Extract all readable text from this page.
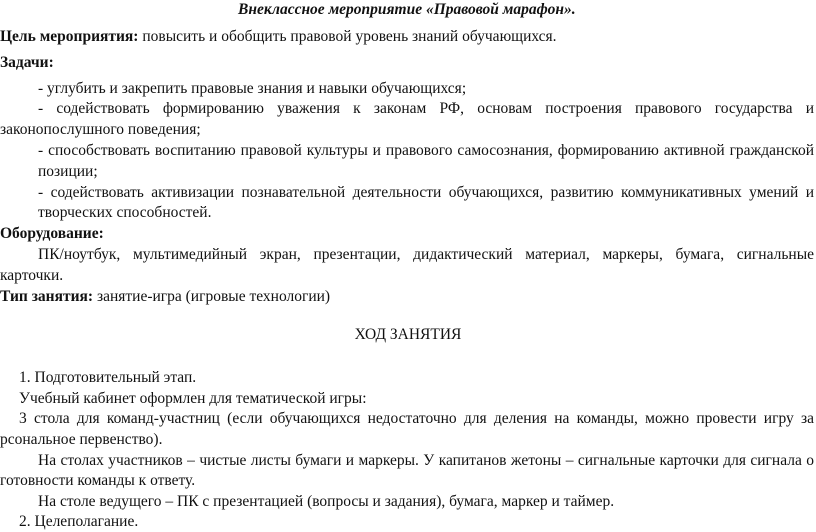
Внеклассное мероприятие «Правовой марафон».
Цель мероприятия: повысить и обобщить правовой уровень знаний обучающихся.
Задачи:
- углубить и закрепить правовые знания и навыки обучающихся;
- содействовать формированию уважения к законам РФ, основам построения правового государства и
законопослушного поведения;
- способствовать воспитанию правовой культуры и правового самосознания, формированию активной гражданской
позиции;
- содействовать активизации познавательной деятельности обучающихся, развитию коммуникативных умений и
творческих способностей.
Оборудование:
ПК/ноутбук, мультимедийный экран, презентации, дидактический материал, маркеры, бумага, сигнальные
карточки.
Тип занятия: занятие-игра (игровые технологии)
ХОД ЗАНЯТИЯ
1. Подготовительный этап.
Учебный кабинет оформлен для тематической игры:
3 стола для команд-участниц (если обучающихся недостаточно для деления на команды, можно провести игру за
рсональное первенство).
На столах участников – чистые листы бумаги и маркеры. У капитанов жетоны – сигнальные карточки для сигнала о
готовности команды к ответу.
На столе ведущего – ПК с презентацией (вопросы и задания), бумага, маркер и таймер.
2. Целеполагание.
